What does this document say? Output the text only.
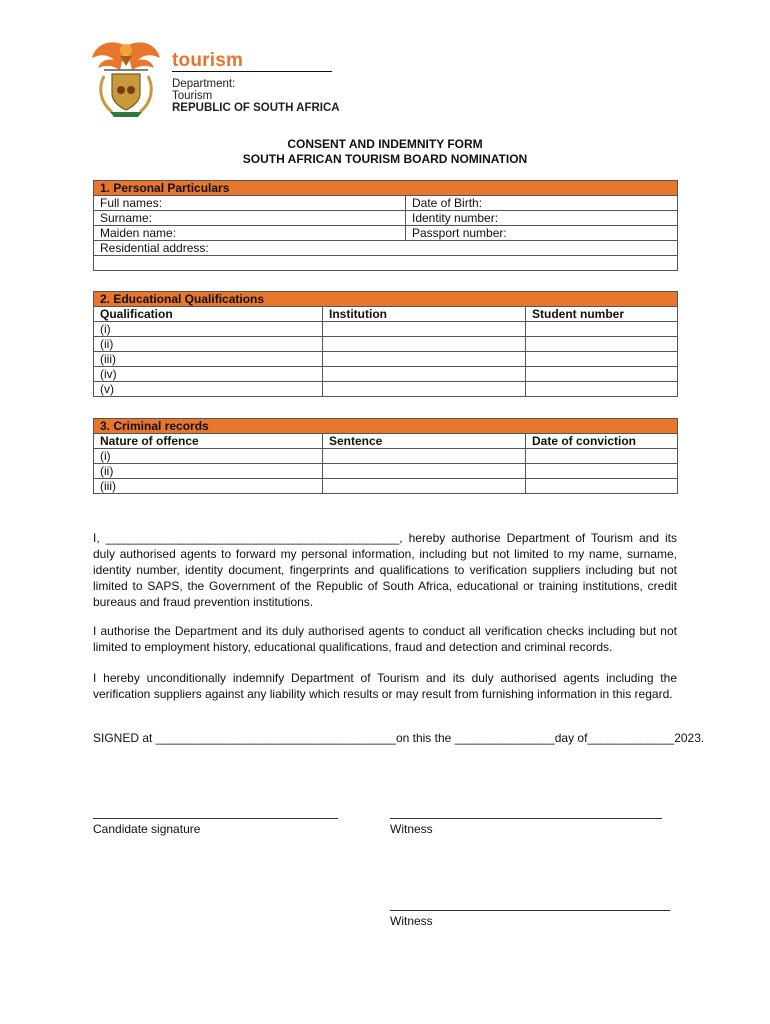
tourism
Department:
Tourism
REPUBLIC OF SOUTH AFRICA
CONSENT AND INDEMNITY FORM
SOUTH AFRICAN TOURISM BOARD NOMINATION
1. Personal Particulars	
Full names:	Date of Birth:
Surname:	Identity number:
Maiden name:	Passport number:
Residential address:	

2. Educational Qualifications		
Qualification	Institution	Student number
(i)		
(ii)		
(iii)		
(iv)		
(v)		
3. Criminal records		
Nature of offence	Sentence	Date of conviction
(i)		
(ii)		
(iii)		
I, ____________________________________________, hereby authorise Department of Tourism and its duly authorised agents to forward my personal information, including but not limited to my name, surname, identity number, identity document, fingerprints and qualifications to verification suppliers including but not limited to SAPS, the Government of the Republic of South Africa, educational or training institutions, credit bureaus and fraud prevention institutions.
I authorise the Department and its duly authorised agents to conduct all verification checks including but not limited to employment history, educational qualifications, fraud and detection and criminal records.
I hereby unconditionally indemnify Department of Tourism and its duly authorised agents including the verification suppliers against any liability which results or may result from furnishing information in this regard.
SIGNED at ____________________________________on this the _______________day of_____________2023.
Candidate signature	Witness
Witness
